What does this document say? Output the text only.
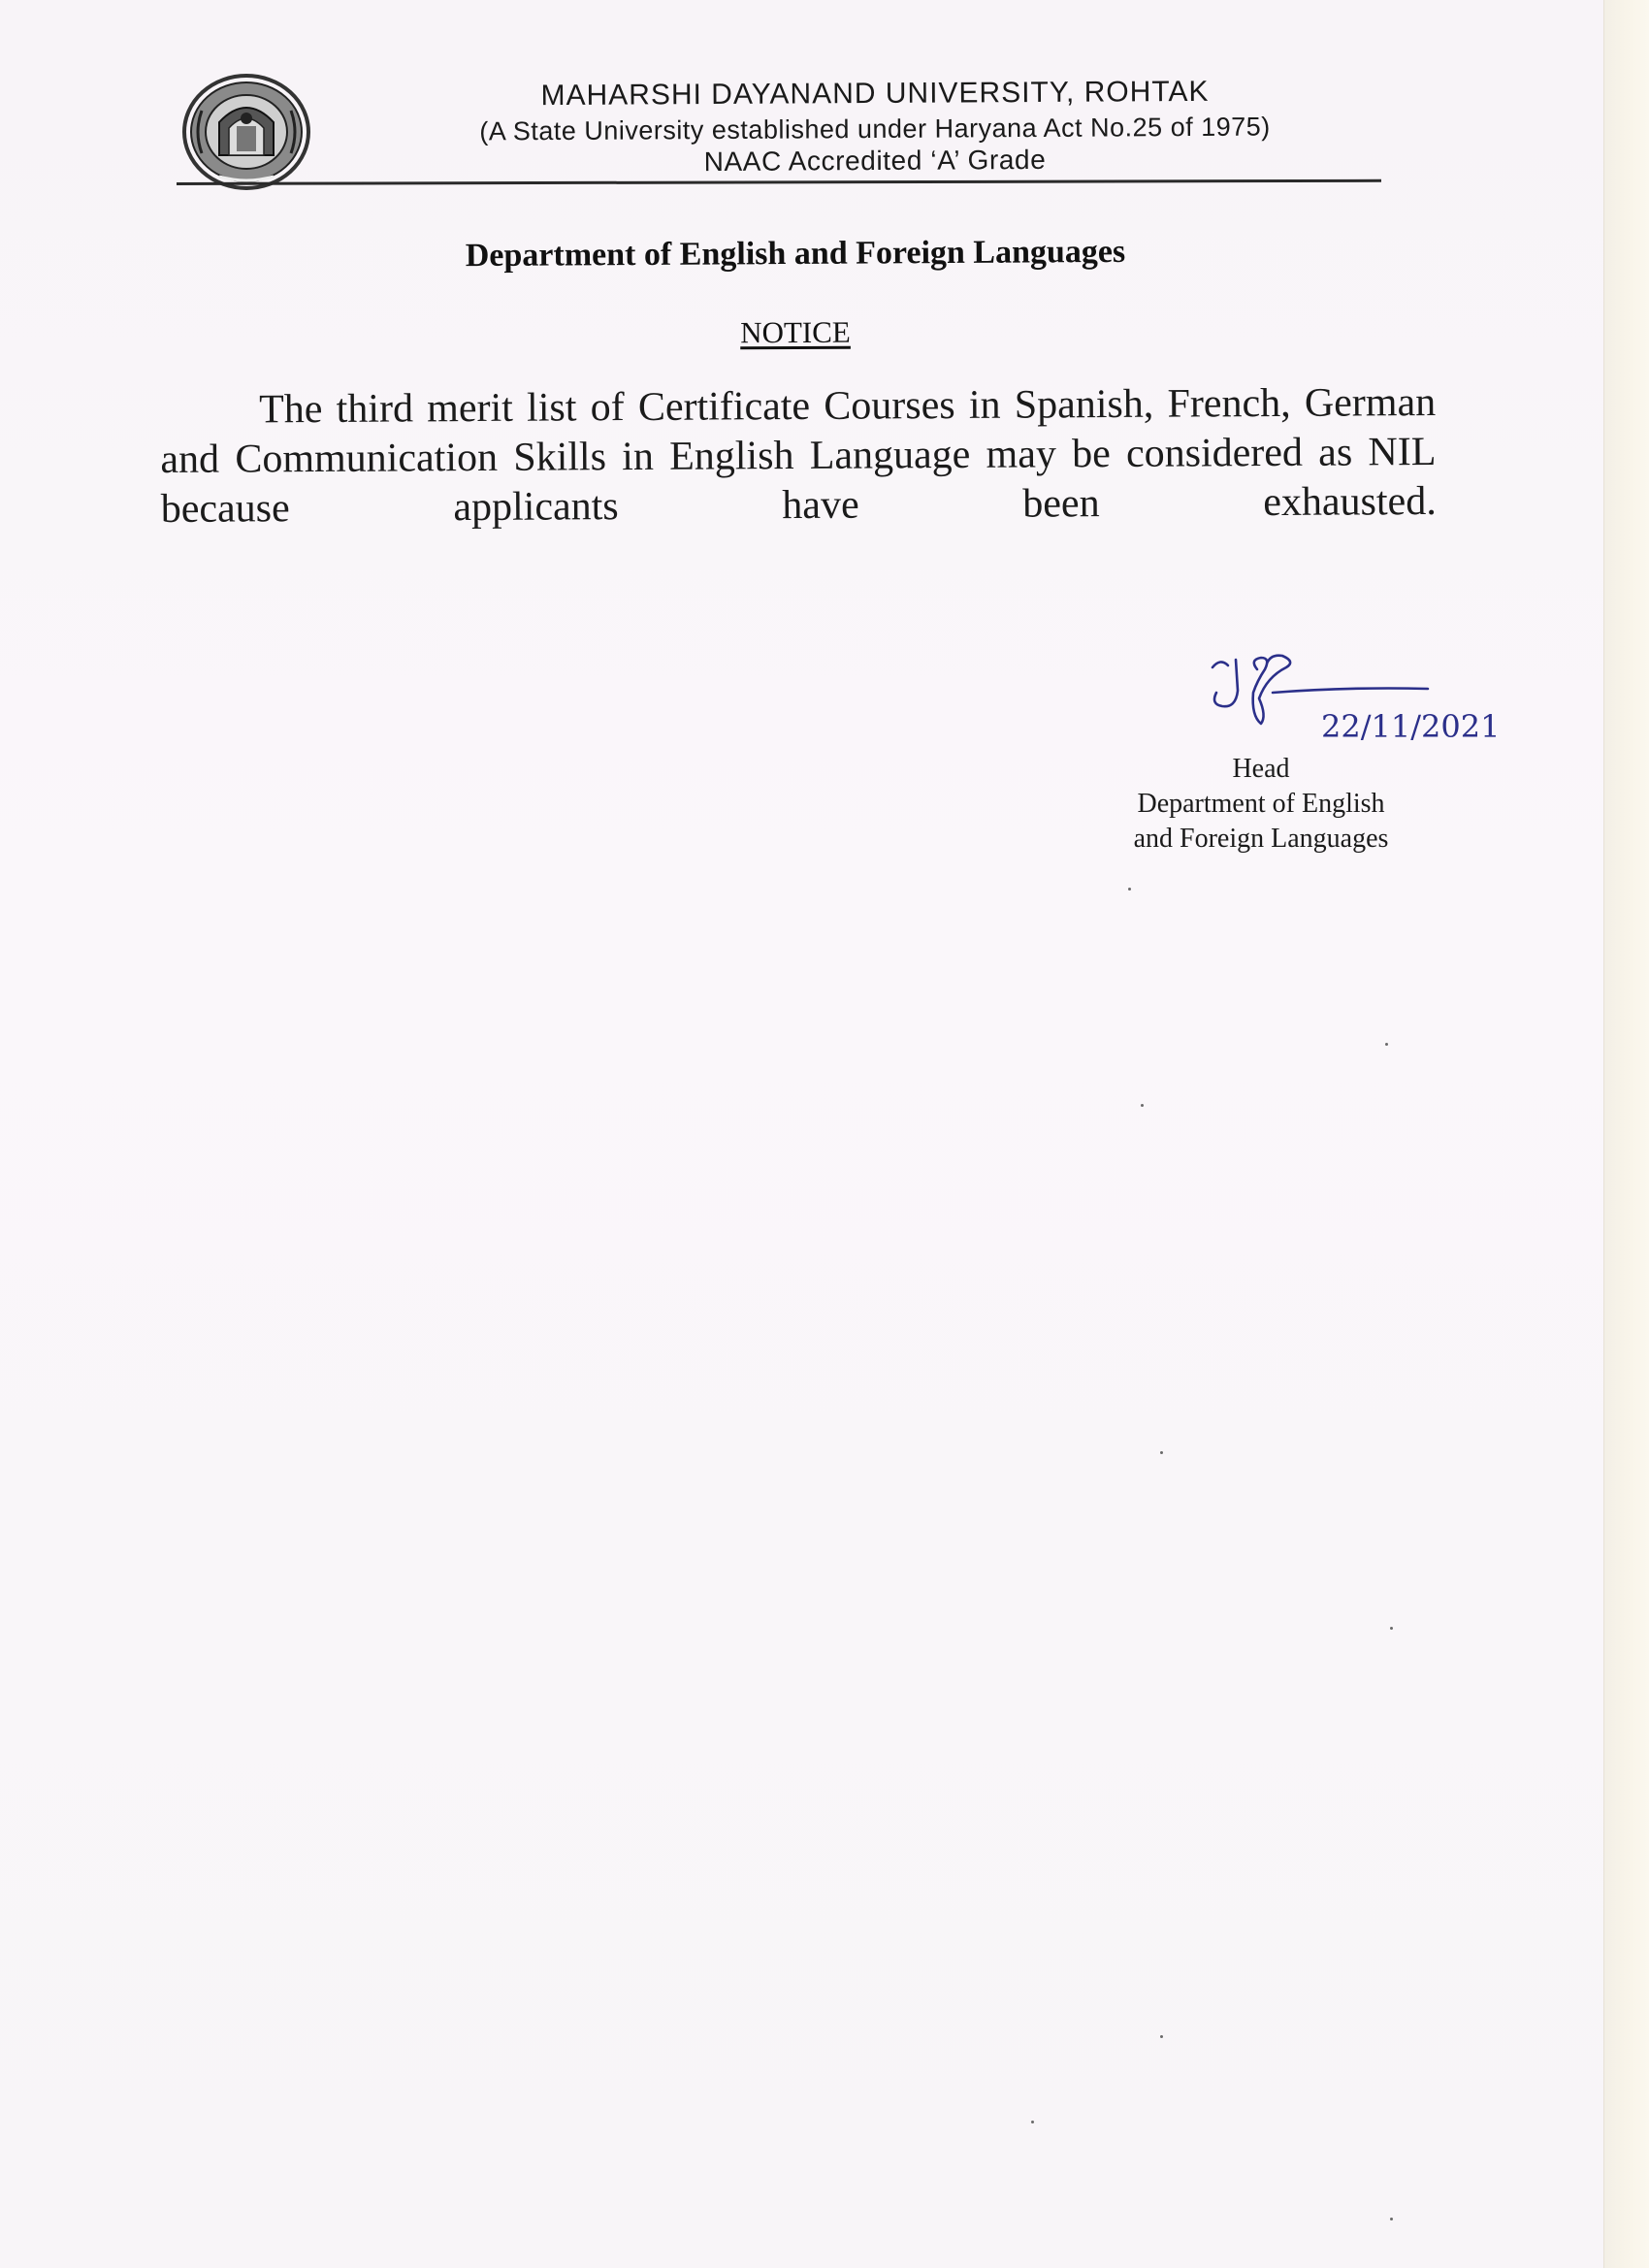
MAHARSHI DAYANAND UNIVERSITY, ROHTAK
(A State University established under Haryana Act No.25 of 1975)
NAAC Accredited ‘A’ Grade
Department of English and Foreign Languages
NOTICE
The third merit list of Certificate Courses in Spanish, French, German and Communication Skills in English Language may be considered as NIL because applicants have been exhausted.
22/11/2021
Head
Department of English
and Foreign Languages
